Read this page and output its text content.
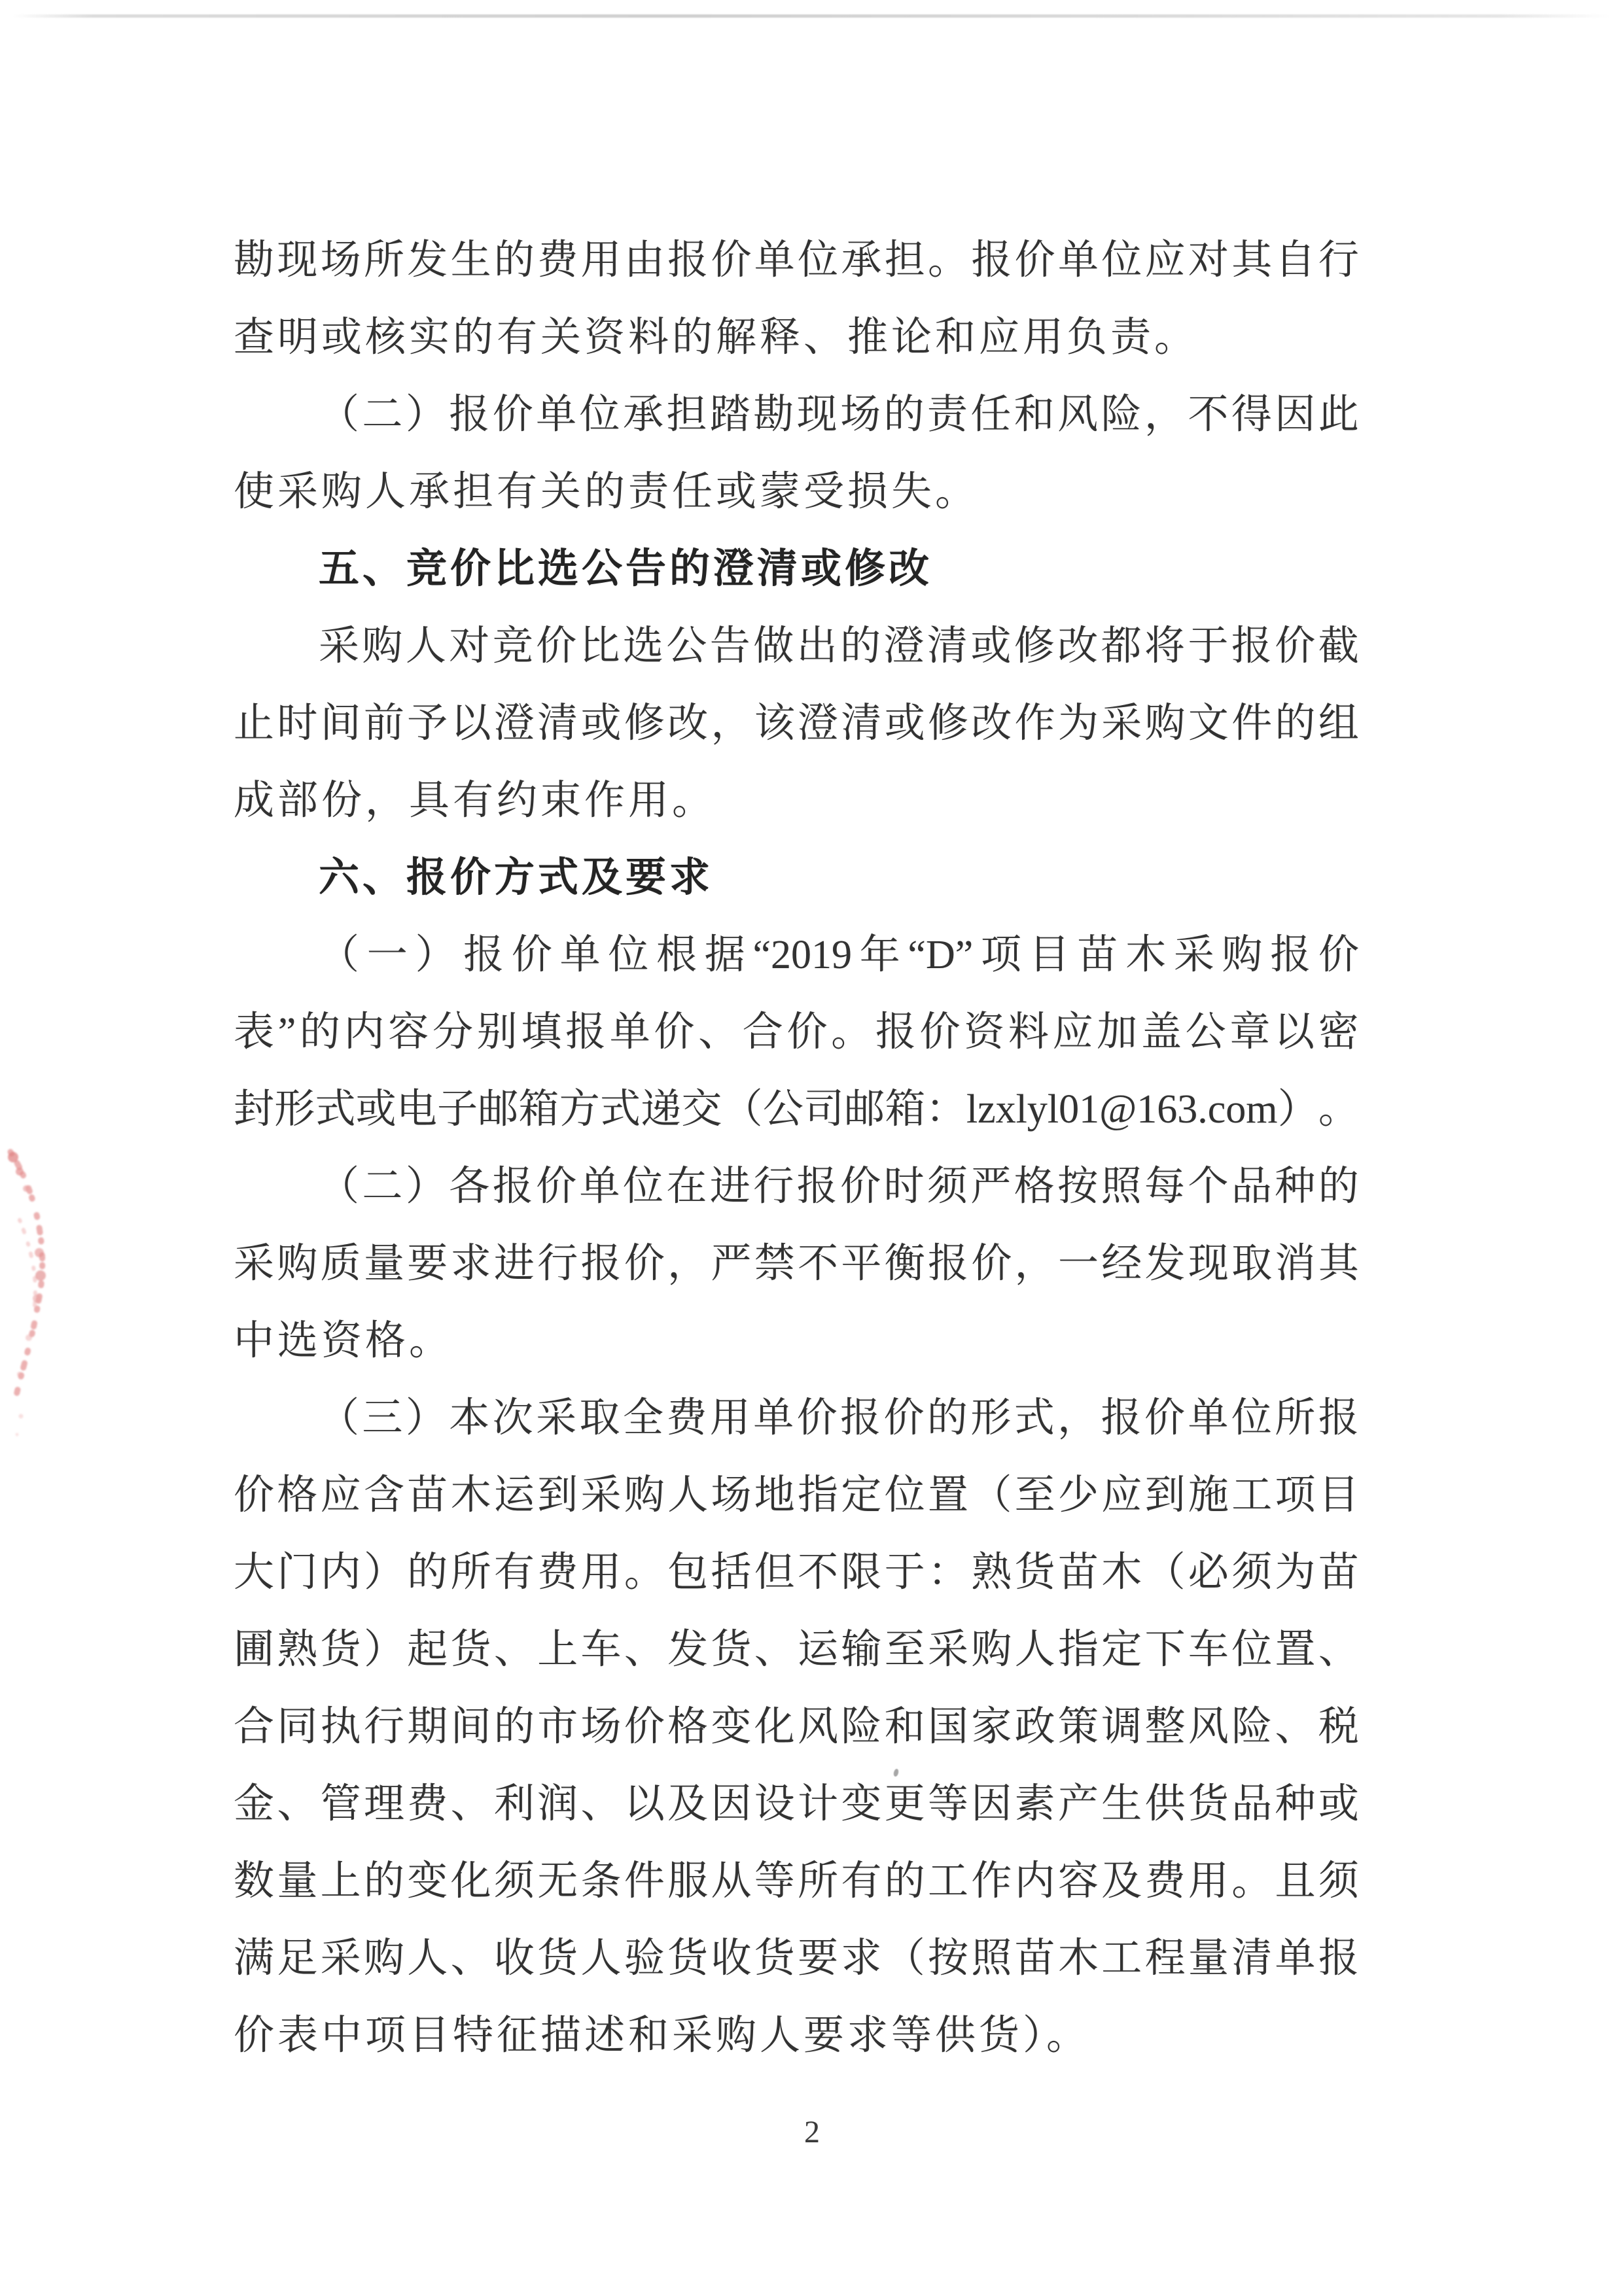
勘 现 场 所 发 生 的 费 用 由 报 价 单 位 承 担 。 报 价 单 位 应 对 其 自 行
查明或核实的有关资料的解释、推论和应用负责。
（ 二 ） 报 价 单 位 承 担 踏 勘 现 场 的 责 任 和 风 险 ， 不 得 因 此
使采购人承担有关的责任或蒙受损失。
五、竞价比选公告的澄清或修改
采 购 人 对 竞 价 比 选 公 告 做 出 的 澄 清 或 修 改 都 将 于 报 价 截
止 时 间 前 予 以 澄 清 或 修 改 ， 该 澄 清 或 修 改 作 为 采 购 文 件 的 组
成部份，具有约束作用。
六、报价方式及要求
（ 一 ） 报 价 单 位 根 据 “2019 年 “D” 项 目 苗 木 采 购 报 价
表 ” 的 内 容 分 别 填 报 单 价 、 合 价 。 报 价 资 料 应 加 盖 公 章 以 密
封 形 式 或 电 子 邮 箱 方 式 递 交 （ 公 司 邮 箱 ： lzxlyl01@163.com ） 。
（ 二 ） 各 报 价 单 位 在 进 行 报 价 时 须 严 格 按 照 每 个 品 种 的
采 购 质 量 要 求 进 行 报 价 ， 严 禁 不 平 衡 报 价 ， 一 经 发 现 取 消 其
中选资格。
（ 三 ） 本 次 采 取 全 费 用 单 价 报 价 的 形 式 ， 报 价 单 位 所 报
价 格 应 含 苗 木 运 到 采 购 人 场 地 指 定 位 置 （ 至 少 应 到 施 工 项 目
大 门 内 ） 的 所 有 费 用 。 包 括 但 不 限 于 ： 熟 货 苗 木 （ 必 须 为 苗
圃 熟 货 ） 起 货 、 上 车 、 发 货 、 运 输 至 采 购 人 指 定 下 车 位 置 、
合 同 执 行 期 间 的 市 场 价 格 变 化 风 险 和 国 家 政 策 调 整 风 险 、 税
金 、 管 理 费 、 利 润 、 以 及 因 设 计 变 更 等 因 素 产 生 供 货 品 种 或
数 量 上 的 变 化 须 无 条 件 服 从 等 所 有 的 工 作 内 容 及 费 用 。 且 须
满 足 采 购 人 、 收 货 人 验 货 收 货 要 求 （ 按 照 苗 木 工 程 量 清 单 报
价表中项目特征描述和采购人要求等供货）。
2
